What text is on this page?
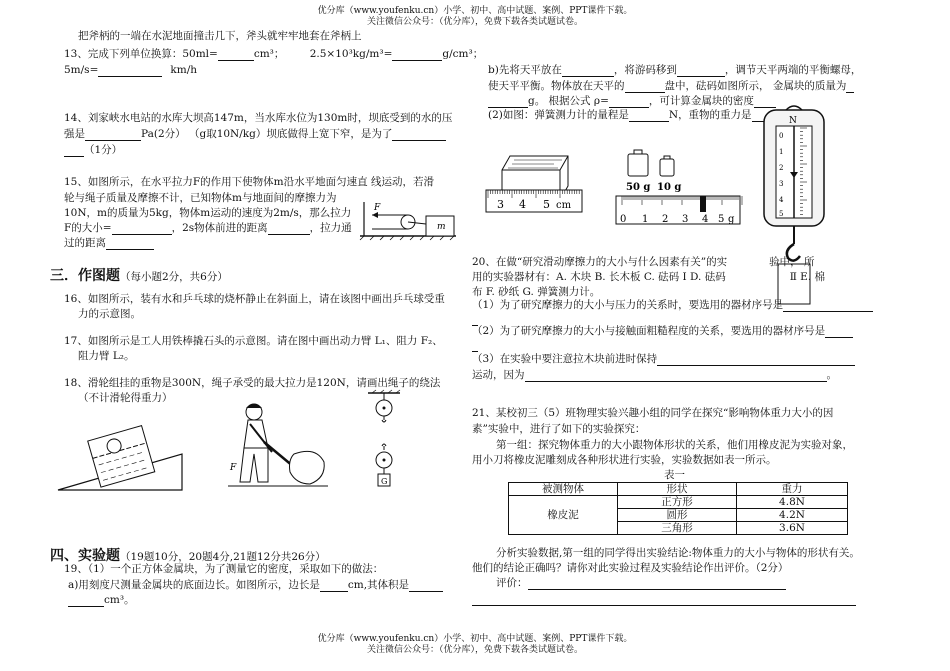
优分库（www.youfenku.cn）小学、初中、高中试题、案例、PPT课件下载。
关注微信公众号：（优分库），免费下载各类试题试卷。
优分库（www.youfenku.cn）小学、初中、高中试题、案例、PPT课件下载。
关注微信公众号：（优分库），免费下载各类试题试卷。
把斧柄的一端在水泥地面撞击几下，斧头就牢牢地套在斧柄上
13、完成下列单位换算：50ml=	cm³； 2.5×10³kg/m³=	g/cm³；
5m/s=	km/h
14、刘家峡水电站的水库大坝高147m，当水库水位为130m时，坝底受到的水的压
强是	Pa(2分） （g取10N/kg）坝底做得上宽下窄，是为了
（1分）
15、如图所示，在水平拉力F的作用下使物体m沿水平地面匀速直 线运动，若滑
轮与绳子质量及摩擦不计，已知物体m与地面间的摩擦力为
10N，m的质量为5kg，物体m运动的速度为2m/s，那么拉力
F的大小=	，2s物体前进的距离	，拉力通
过的距离
F
m
三．作图题（每小题2分，共6分）
16、如图所示，装有水和乒乓球的烧杯静止在斜面上，请在该图中画出乒乓球受重
力的示意图。
17、如图所示是工人用铁棒撬石头的示意图。请在图中画出动力臂 L₁、阻力 F₂、
阻力臂 L₂。
18、滑轮组挂的重物是300N，绳子承受的最大拉力是120N，请画出绳子的绕法
（不计滑轮得重力）
F
G
四、实验题（19题10分，20题4分,21题12分共26分）
19、（1）一个正方体金属块，为了测量它的密度，采取如下的做法：
a)用刻度尺测量金属块的底面边长。如图所示，边长是	cm,其体积是
cm³。
b)先将天平放在	，将游码移到	，调节天平两端的平衡螺母，
使天平平衡。物体放在天平的	盘中，砝码如图所示， 金属块的质量为
g。 根据公式 ρ=	，可计算金属块的密度
(2)如图：弹簧测力计的量程是	N，重物的重力是
3 4 5 cm
50 g 10 g
0 1 2 3 4 5 g
N
0
1
2
3
4
5
20、在做“研究滑动摩擦力的大小与什么因素有关”的实	验中， 所
用的实验器材有：A. 木块 B. 长木板 C. 砝码 I D. 砝码	Ⅱ E. 棉
布 F. 砂纸 G. 弹簧测力计。
（1）为了研究摩擦力的大小与压力的关系时，要选用的器材序号是
（2）为了研究摩擦力的大小与接触面粗糙程度的关系，要选用的器材序号是
（3）在实验中要注意拉木块前进时保持
运动，因为	。
21、某校初三（5）班物理实验兴趣小组的同学在探究“影响物体重力大小的因
素”实验中，进行了如下的实验探究：
第一组：探究物体重力的大小跟物体形状的关系，他们用橡皮泥为实验对象，
用小刀将橡皮泥雕刻成各种形状进行实验，实验数据如表一所示。
表一
被测物体	形状	重力
橡皮泥	正方形	4.8N
	圆形	4.2N
	三角形	3.6N
分析实验数据,第一组的同学得出实验结论:物体重力的大小与物体的形状有关。
他们的结论正确吗？请你对此实验过程及实验结论作出评价。（2分）
评价：
